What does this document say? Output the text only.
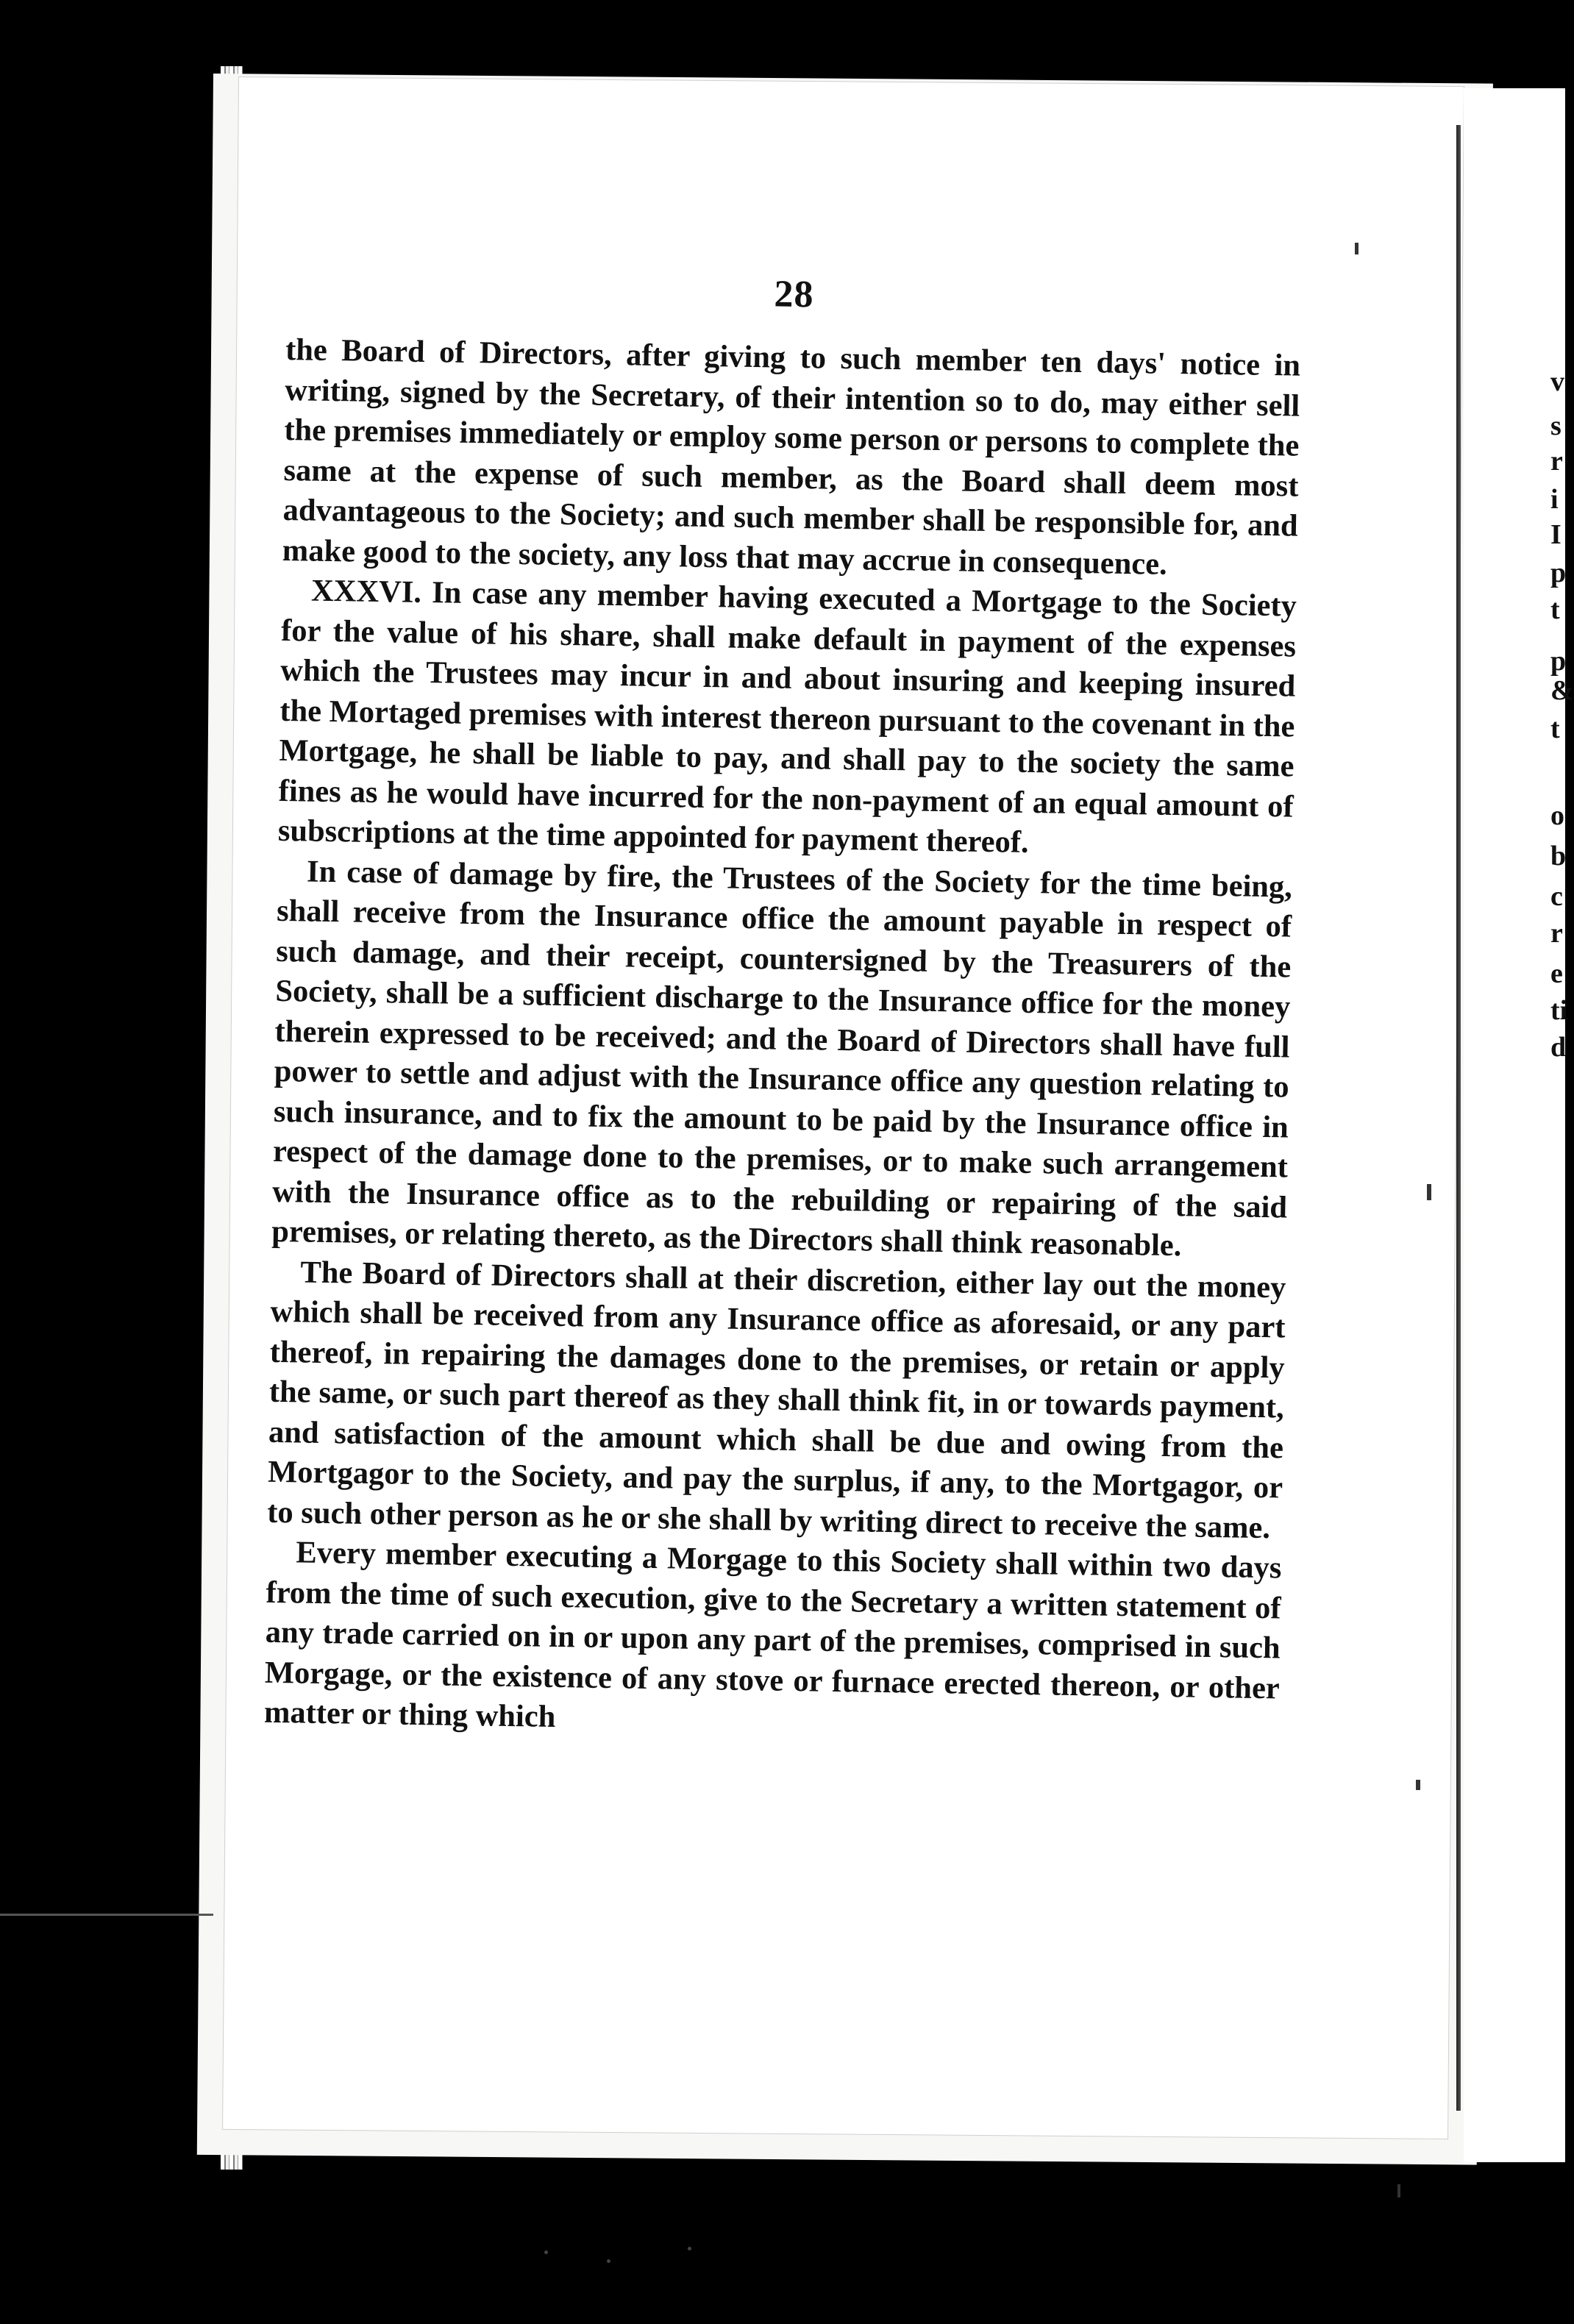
v
s
r
i
I
p
t
p
&
t
o
b
c
r
e
ti
d
28

the Board of Directors, after giving to such member ten days' notice in writing, signed by the Secretary, of their intention so to do, may either sell the premises immediately or employ some person or persons to complete the same at the expense of such member, as the Board shall deem most advantageous to the Society; and such member shall be responsible for, and make good to the society, any loss that may accrue in consequence.

XXXVI. In case any member having executed a Mortgage to the Society for the value of his share, shall make default in payment of the expenses which the Trustees may incur in and about insuring and keeping insured the Mortaged premises with interest thereon pursuant to the covenant in the Mortgage, he shall be liable to pay, and shall pay to the society the same fines as he would have incurred for the non-payment of an equal amount of subscriptions at the time appointed for payment thereof.

In case of damage by fire, the Trustees of the Society for the time being, shall receive from the Insurance office the amount payable in respect of such damage, and their receipt, countersigned by the Treasurers of the Society, shall be a sufficient discharge to the Insurance office for the money therein expressed to be received; and the Board of Directors shall have full power to settle and adjust with the Insurance office any question relating to such insurance, and to fix the amount to be paid by the Insurance office in respect of the damage done to the premises, or to make such arrangement with the Insurance office as to the rebuilding or repairing of the said premises, or relating thereto, as the Directors shall think reasonable.

The Board of Directors shall at their discretion, either lay out the money which shall be received from any Insurance office as aforesaid, or any part thereof, in repairing the damages done to the premises, or retain or apply the same, or such part thereof as they shall think fit, in or towards payment, and satisfaction of the amount which shall be due and owing from the Mortgagor to the Society, and pay the surplus, if any, to the Mortgagor, or to such other person as he or she shall by writing direct to receive the same.

Every member executing a Morgage to this Society shall within two days from the time of such execution, give to the Secretary a written statement of any trade carried on in or upon any part of the premises, comprised in such Morgage, or the existence of any stove or furnace erected thereon, or other matter or thing which
